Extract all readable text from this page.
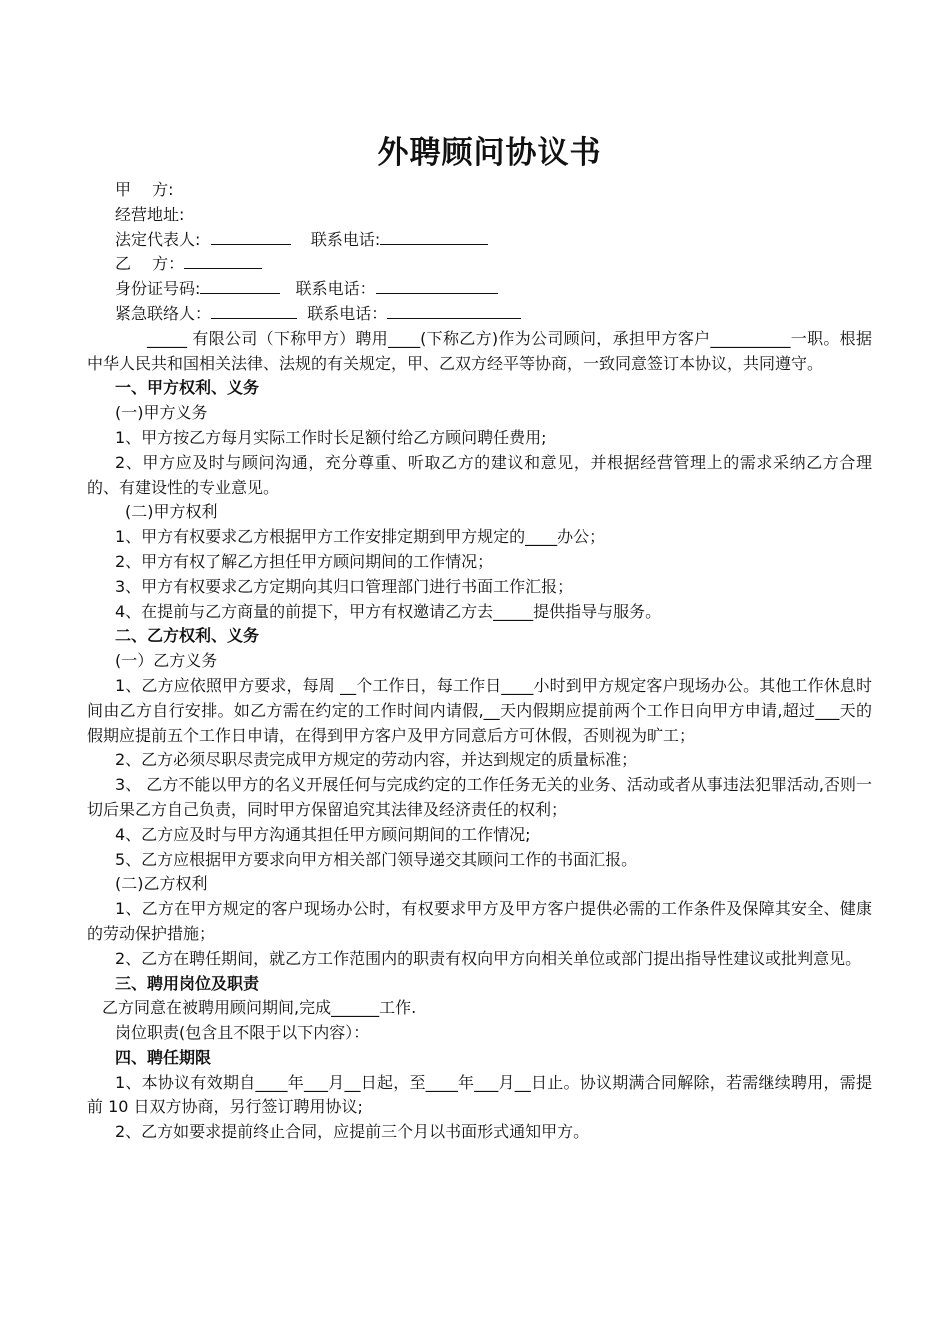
外聘顾问协议书

甲　 方:

经营地址:

法定代表人:	联系电话:

乙　 方：

身份证号码:	联系电话：

紧急联络人：	联系电话：

_____ 有限公司（下称甲方）聘用____(下称乙方)作为公司顾问，承担甲方客户__________一职。根据中华人民共和国相关法律、法规的有关规定，甲、乙双方经平等协商，一致同意签订本协议，共同遵守。

一、甲方权利、义务

(一)甲方义务

1、甲方按乙方每月实际工作时长足额付给乙方顾问聘任费用;

2、甲方应及时与顾问沟通，充分尊重、听取乙方的建议和意见，并根据经营管理上的需求采纳乙方合理的、有建设性的专业意见。

(二)甲方权利

1、甲方有权要求乙方根据甲方工作安排定期到甲方规定的____办公；

2、甲方有权了解乙方担任甲方顾问期间的工作情况；

3、甲方有权要求乙方定期向其归口管理部门进行书面工作汇报；

4、在提前与乙方商量的前提下，甲方有权邀请乙方去_____提供指导与服务。

二、乙方权利、义务

(一）乙方义务

1、乙方应依照甲方要求，每周 __个工作日，每工作日____小时到甲方规定客户现场办公。其他工作休息时间由乙方自行安排。如乙方需在约定的工作时间内请假,__天内假期应提前两个工作日向甲方申请,超过___天的假期应提前五个工作日申请，在得到甲方客户及甲方同意后方可休假，否则视为旷工；

2、乙方必须尽职尽责完成甲方规定的劳动内容，并达到规定的质量标准；

3、 乙方不能以甲方的名义开展任何与完成约定的工作任务无关的业务、活动或者从事违法犯罪活动,否则一切后果乙方自己负责，同时甲方保留追究其法律及经济责任的权利；

4、乙方应及时与甲方沟通其担任甲方顾问期间的工作情况;

5、乙方应根据甲方要求向甲方相关部门领导递交其顾问工作的书面汇报。

(二)乙方权利

1、乙方在甲方规定的客户现场办公时，有权要求甲方及甲方客户提供必需的工作条件及保障其安全、健康的劳动保护措施；

2、乙方在聘任期间，就乙方工作范围内的职责有权向甲方向相关单位或部门提出指导性建议或批判意见。

三、聘用岗位及职责

乙方同意在被聘用顾问期间,完成______工作.

岗位职责(包含且不限于以下内容）：

四、聘任期限

1、本协议有效期自____年___月__日起，至____年___月__日止。协议期满合同解除，若需继续聘用，需提前 10 日双方协商，另行签订聘用协议;

2、乙方如要求提前终止合同，应提前三个月以书面形式通知甲方。
